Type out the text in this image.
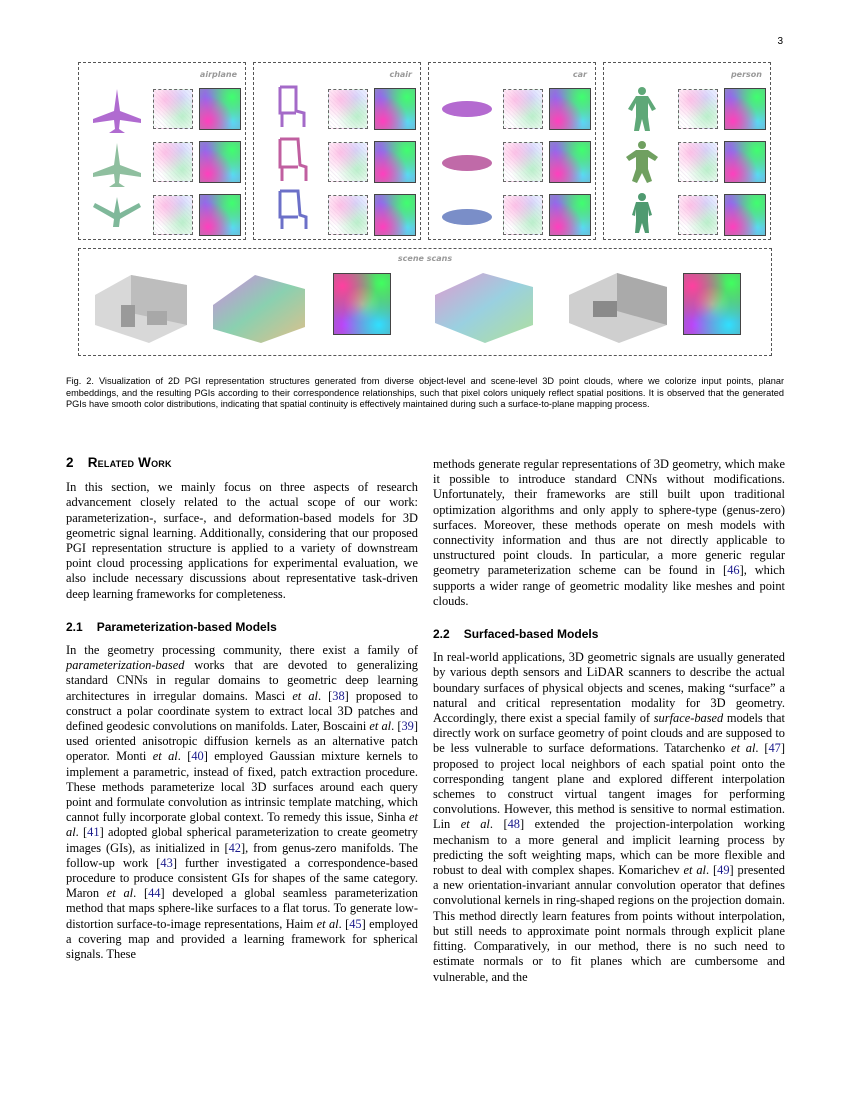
3
airplane	chair	car	person
scene scans
Fig. 2. Visualization of 2D PGI representation structures generated from diverse object-level and scene-level 3D point clouds, where we colorize input points, planar embeddings, and the resulting PGIs according to their correspondence relationships, such that pixel colors uniquely reflect spatial positions. It is observed that the generated PGIs have smooth color distributions, indicating that spatial continuity is effectively maintained during such a surface-to-plane mapping process.
2 Related Work

In this section, we mainly focus on three aspects of research advancement closely related to the actual scope of our work: parameterization-, surface-, and deformation-based models for 3D geometric signal learning. Additionally, considering that our proposed PGI representation structure is applied to a variety of downstream point cloud processing applications for experimental evaluation, we also include necessary discussions about representative task-driven deep learning frameworks for completeness.

2.1 Parameterization-based Models

In the geometry processing community, there exist a family of parameterization-based works that are devoted to generalizing standard CNNs in regular domains to geometric deep learning architectures in irregular domains. Masci et al. [38] proposed to construct a polar coordinate system to extract local 3D patches and defined geodesic convolutions on manifolds. Later, Boscaini et al. [39] used oriented anisotropic diffusion kernels as an alternative patch operator. Monti et al. [40] employed Gaussian mixture kernels to implement a parametric, instead of fixed, patch extraction procedure. These methods parameterize local 3D surfaces around each query point and formulate convolution as intrinsic template matching, which cannot fully incorporate global context. To remedy this issue, Sinha et al. [41] adopted global spherical parameterization to create geometry images (GIs), as initialized in [42], from genus-zero manifolds. The follow-up work [43] further investigated a correspondence-based procedure to produce consistent GIs for shapes of the same category. Maron et al. [44] developed a global seamless parameterization method that maps sphere-like surfaces to a flat torus. To generate low-distortion surface-to-image representations, Haim et al. [45] employed a covering map and provided a learning framework for spherical signals. These

methods generate regular representations of 3D geometry, which make it possible to introduce standard CNNs without modifications. Unfortunately, their frameworks are still built upon traditional optimization algorithms and only apply to sphere-type (genus-zero) surfaces. Moreover, these methods operate on mesh models with connectivity information and thus are not directly applicable to unstructured point clouds. In particular, a more generic regular geometry parameterization scheme can be found in [46], which supports a wider range of geometric modality like meshes and point clouds.

2.2 Surfaced-based Models

In real-world applications, 3D geometric signals are usually generated by various depth sensors and LiDAR scanners to describe the actual boundary surfaces of physical objects and scenes, making “surface” a natural and critical representation modality for 3D geometry. Accordingly, there exist a special family of surface-based models that directly work on surface geometry of point clouds and are supposed to be less vulnerable to surface deformations. Tatarchenko et al. [47] proposed to project local neighbors of each spatial point onto the corresponding tangent plane and explored different interpolation schemes to construct virtual tangent images for performing convolutions. However, this method is sensitive to normal estimation. Lin et al. [48] extended the projection-interpolation working mechanism to a more general and implicit learning process by predicting the soft weighting maps, which can be more flexible and robust to deal with complex shapes. Komarichev et al. [49] presented a new orientation-invariant annular convolution operator that defines convolutional kernels in ring-shaped regions on the projection domain. This method directly learn features from points without interpolation, but still needs to approximate point normals through explicit plane fitting. Comparatively, in our method, there is no such need to estimate normals or to fit planes which are cumbersome and vulnerable, and the
